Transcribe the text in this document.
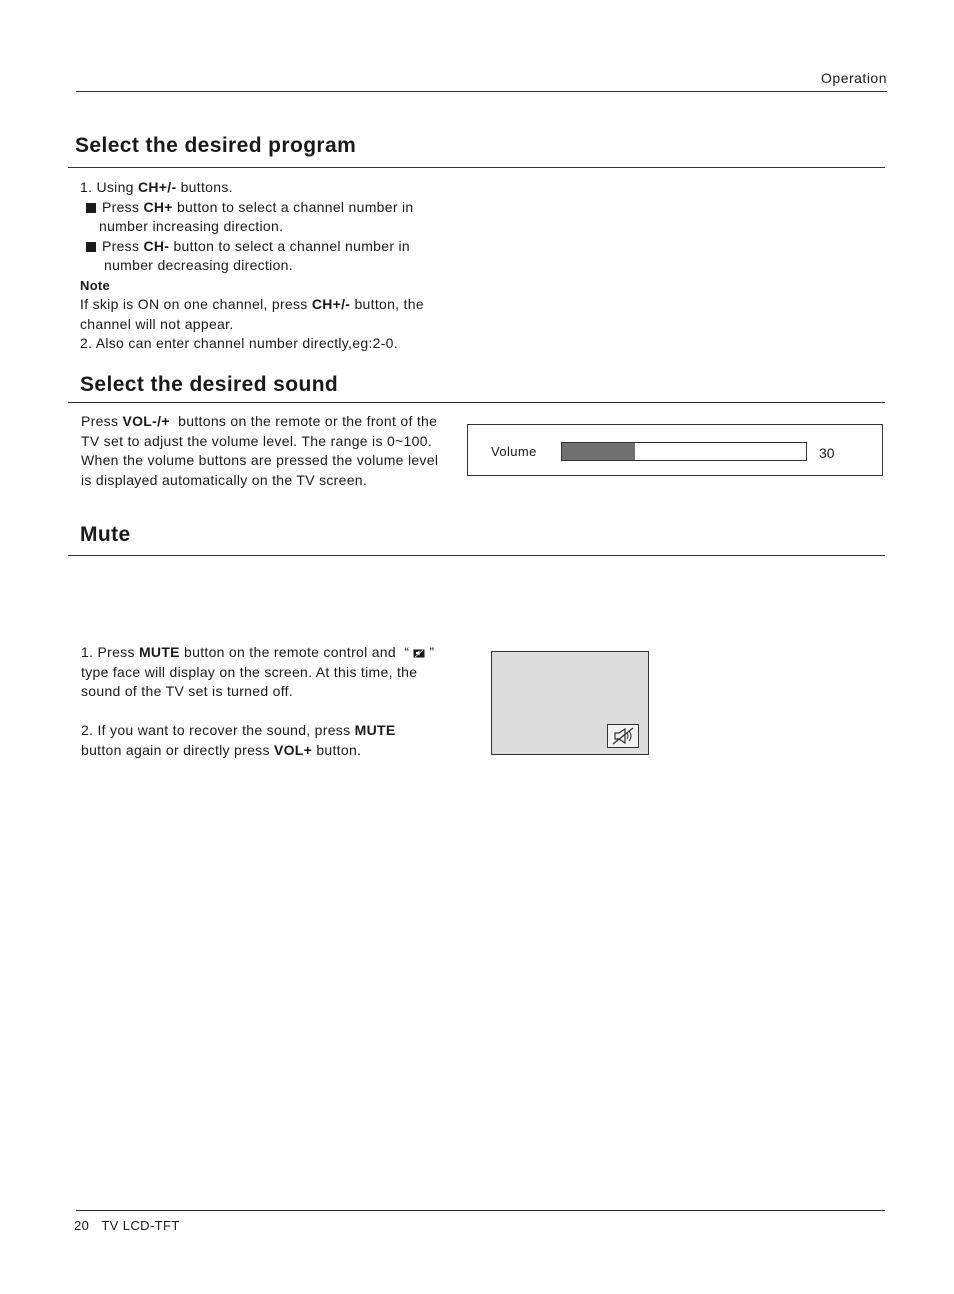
Operation
Select the desired program

1. Using CH+/- buttons.

Press CH+ button to select a channel number in

number increasing direction.

Press CH- button to select a channel number in

number decreasing direction.

Note

If skip is ON on one channel, press CH+/- button, the

channel will not appear.

2. Also can enter channel number directly,eg:2-0.

Select the desired sound

Press VOL-/+  buttons on the remote or the front of the

TV set to adjust the volume level. The range is 0~100.

When the volume buttons are pressed the volume level

is displayed automatically on the TV screen.

Volume	30
Mute

1. Press MUTE button on the remote control and  “ ”

type face will display on the screen. At this time, the

sound of the TV set is turned off.

2. If you want to recover the sound, press MUTE

button again or directly press VOL+ button.

20 TV LCD-TFT
